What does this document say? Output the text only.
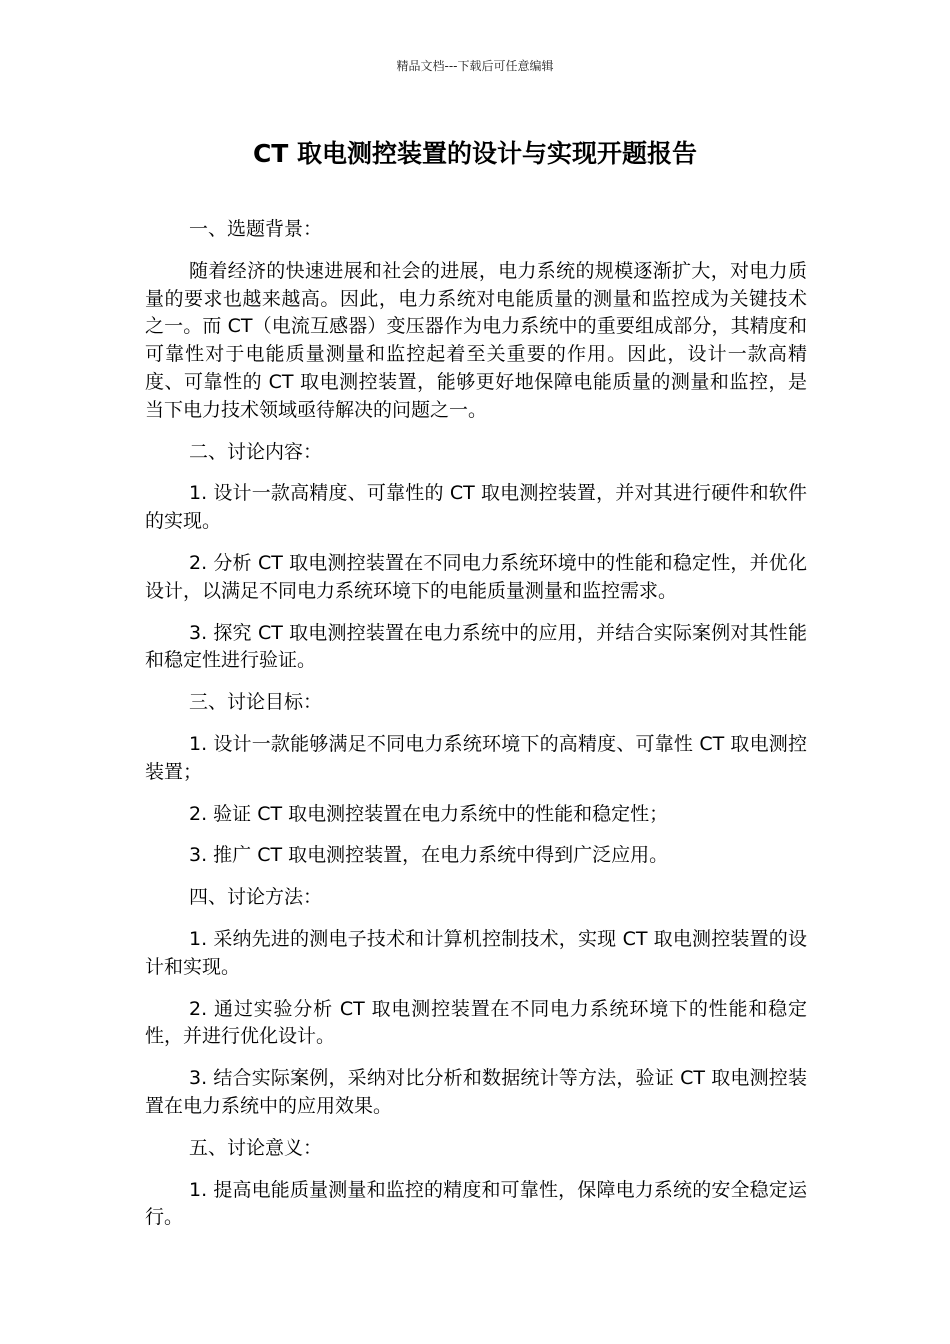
精品文档---下载后可任意编辑
CT 取电测控装置的设计与实现开题报告

一、选题背景：

随着经济的快速进展和社会的进展，电力系统的规模逐渐扩大，对电力质量的要求也越来越高。因此，电力系统对电能质量的测量和监控成为关键技术之一。而 CT（电流互感器）变压器作为电力系统中的重要组成部分，其精度和可靠性对于电能质量测量和监控起着至关重要的作用。因此，设计一款高精度、可靠性的 CT 取电测控装置，能够更好地保障电能质量的测量和监控，是当下电力技术领域亟待解决的问题之一。

二、讨论内容：

1. 设计一款高精度、可靠性的 CT 取电测控装置，并对其进行硬件和软件的实现。

2. 分析 CT 取电测控装置在不同电力系统环境中的性能和稳定性，并优化设计，以满足不同电力系统环境下的电能质量测量和监控需求。

3. 探究 CT 取电测控装置在电力系统中的应用，并结合实际案例对其性能和稳定性进行验证。

三、讨论目标：

1. 设计一款能够满足不同电力系统环境下的高精度、可靠性 CT 取电测控装置；

2. 验证 CT 取电测控装置在电力系统中的性能和稳定性；

3. 推广 CT 取电测控装置，在电力系统中得到广泛应用。

四、讨论方法：

1. 采纳先进的测电子技术和计算机控制技术，实现 CT 取电测控装置的设计和实现。

2. 通过实验分析 CT 取电测控装置在不同电力系统环境下的性能和稳定性，并进行优化设计。

3. 结合实际案例，采纳对比分析和数据统计等方法，验证 CT 取电测控装置在电力系统中的应用效果。

五、讨论意义：

1. 提高电能质量测量和监控的精度和可靠性，保障电力系统的安全稳定运行。
